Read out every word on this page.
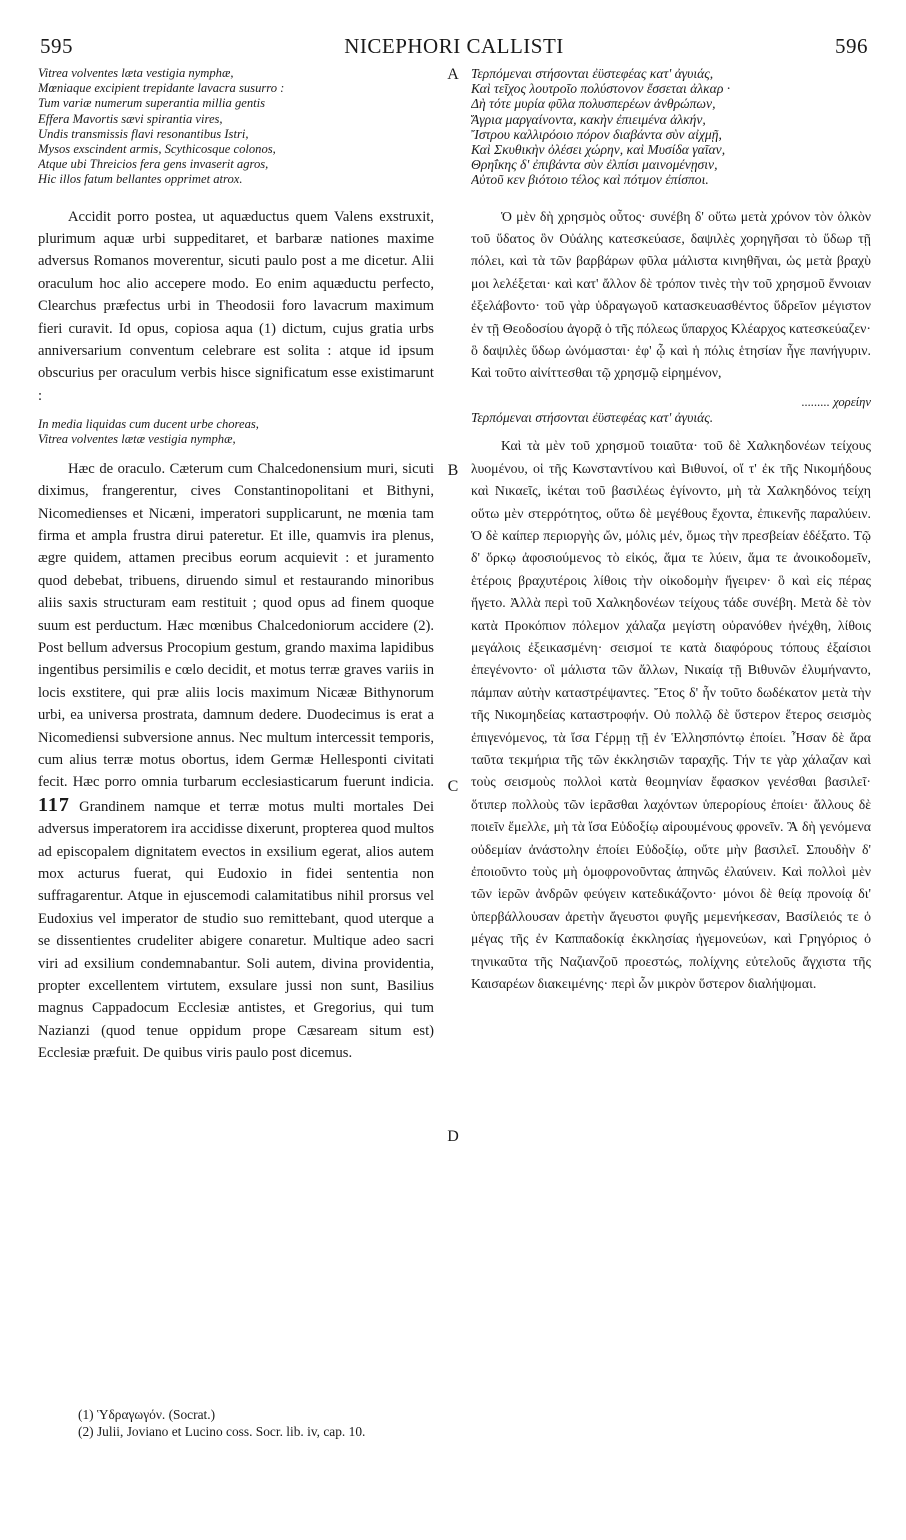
595	NICEPHORI CALLISTI	596
A
B
C
D
Vitrea volventes læta vestigia nymphæ,
Mœniaque excipient trepidante lavacra susurro :
Tum variæ numerum superantia millia gentis
Effera Mavortis sævi spirantia vires,
Undis transmissis flavi resonantibus Istri,
Mysos exscindent armis, Scythicosque colonos,
Atque ubi Threicios fera gens invaserit agros,
Hic illos fatum bellantes opprimet atrox.

Accidit porro postea, ut aquæductus quem Valens exstruxit, plurimum aquæ urbi suppeditaret, et barbaræ nationes maxime adversus Romanos moverentur, sicuti paulo post a me dicetur. Alii oraculum hoc alio accepere modo. Eo enim aquæductu perfecto, Clearchus præfectus urbi in Theodosii foro lavacrum maximum fieri curavit. Id opus, copiosa aqua (1) dictum, cujus gratia urbs anniversarium conventum celebrare est solita : atque id ipsum obscurius per oraculum verbis hisce significatum esse existimarunt :

In media liquidas cum ducent urbe choreas,
Vitrea volventes lætæ vestigia nymphæ,

Hæc de oraculo. Cæterum cum Chalcedonensium muri, sicuti diximus, frangerentur, cives Constantinopolitani et Bithyni, Nicomedienses et Nicæni, imperatori supplicarunt, ne mœnia tam firma et ampla frustra dirui pateretur. Et ille, quamvis ira plenus, ægre quidem, attamen precibus eorum acquievit : et juramento quod debebat, tribuens, diruendo simul et restaurando minoribus aliis saxis structuram eam restituit ; quod opus ad finem quoque suum est perductum. Hæc mœnibus Chalcedoniorum accidere (2). Post bellum adversus Procopium gestum, grando maxima lapidibus ingentibus persimilis e cœlo decidit, et motus terræ graves variis in locis exstitere, qui præ aliis locis maximum Nicææ Bithynorum urbi, ea universa prostrata, damnum dedere. Duodecimus is erat a Nicomediensi subversione annus. Nec multum intercessit temporis, cum alius terræ motus obortus, idem Germæ Hellesponti civitati fecit. Hæc porro omnia turbarum ecclesiasticarum fuerunt indicia. 117 Grandinem namque et terræ motus multi mortales Dei adversus imperatorem ira accidisse dixerunt, propterea quod multos ad episcopalem dignitatem evectos in exsilium egerat, alios autem mox acturus fuerat, qui Eudoxio in fidei sententia non suffragarentur. Atque in ejuscemodi calamitatibus nihil prorsus vel Eudoxius vel imperator de studio suo remittebant, quod uterque a se dissentientes crudeliter abigere conaretur. Multique adeo sacri viri ad exsilium condemnabantur. Soli autem, divina providentia, propter excellentem virtutem, exsulare jussi non sunt, Basilius magnus Cappadocum Ecclesiæ antistes, et Gregorius, qui tum Nazianzi (quod tenue oppidum prope Cæsaream situm est) Ecclesiæ præfuit. De quibus viris paulo post dicemus.

Τερπόμεναι στήσονται ἐϋστεφέας κατ' ἀγυιάς,
Καὶ τεῖχος λουτροῖο πολύστονον ἔσσεται ἀλκαρ ·
Δὴ τότε μυρία φῦλα πολυσπερέων ἀνθρώπων,
Ἄγρια μαργαίνοντα, κακὴν ἐπιειμένα ἀλκήν,
Ἴστρου καλλιρόοιο πόρον διαβάντα σὺν αἰχμῇ,
Καὶ Σκυθικὴν ὀλέσει χώρην, καὶ Μυσίδα γαῖαν,
Θρηΐκης δ' ἐπιβάντα σὺν ἐλπίσι μαινομένῃσιν,
Αὐτοῦ κεν βιότοιο τέλος καὶ πότμον ἐπίσποι.

Ὁ μὲν δὴ χρησμὸς οὗτος· συνέβη δ' οὕτω μετὰ χρόνον τὸν ὁλκὸν τοῦ ὕδατος ὃν Οὐάλης κατεσκεύασε, δαψιλὲς χορηγῆσαι τὸ ὕδωρ τῇ πόλει, καὶ τὰ τῶν βαρβάρων φῦλα μάλιστα κινηθῆναι, ὡς μετὰ βραχὺ μοι λελέξεται· καὶ κατ' ἄλλον δὲ τρόπον τινὲς τὴν τοῦ χρησμοῦ ἔννοιαν ἐξελάβοντο· τοῦ γὰρ ὑδραγωγοῦ κατασκευασθέντος ὕδρεῖον μέγιστον ἐν τῇ Θεοδοσίου ἀγορᾷ ὁ τῆς πόλεως ὕπαρχος Κλέαρχος κατεσκεύαζεν· ὃ δαψιλὲς ὕδωρ ὠνόμασται· ἐφ' ᾧ καὶ ἡ πόλις ἑτησίαν ἦγε πανήγυριν. Καὶ τοῦτο αἰνίττεσθαι τῷ χρησμῷ εἰρημένον,

......... χορείην
Τερπόμεναι στήσονται ἐϋστεφέας κατ' ἀγυιάς.

Καὶ τὰ μὲν τοῦ χρησμοῦ τοιαῦτα· τοῦ δὲ Χαλκηδονέων τείχους λυομένου, οἱ τῆς Κωνσταντίνου καὶ Βιθυνοί, οἵ τ' ἐκ τῆς Νικομήδους καὶ Νικαεῖς, ἱκέται τοῦ βασιλέως ἐγίνοντο, μὴ τὰ Χαλκηδόνος τείχη οὕτω μὲν στερρότητος, οὕτω δὲ μεγέθους ἔχοντα, ἐπικενῆς παραλύειν. Ὁ δὲ καίπερ περιοργὴς ὤν, μόλις μέν, ὅμως τὴν πρεσβείαν ἐδέξατο. Τῷ δ' ὅρκῳ ἀφοσιούμενος τὸ εἰκός, ἅμα τε λύειν, ἅμα τε ἀνοικοδομεῖν, ἑτέροις βραχυτέροις λίθοις τὴν οἰκοδομὴν ἤγειρεν· ὃ καὶ εἰς πέρας ἤγετο. Ἀλλὰ περὶ τοῦ Χαλκηδονέων τείχους τάδε συνέβη. Μετὰ δὲ τὸν κατὰ Προκόπιον πόλεμον χάλαζα μεγίστη οὐρανόθεν ἠνέχθη, λίθοις μεγάλοις ἐξεικασμένη· σεισμοί τε κατὰ διαφόρους τόπους ἐξαίσιοι ἐπεγένοντο· οἳ μάλιστα τῶν ἄλλων, Νικαίᾳ τῇ Βιθυνῶν ἐλυμήναντο, πάμπαν αὐτὴν καταστρέψαντες. Ἔτος δ' ἦν τοῦτο δωδέκατον μετὰ τὴν τῆς Νικομηδείας καταστροφήν. Οὐ πολλῷ δὲ ὕστερον ἕτερος σεισμὸς ἐπιγενόμενος, τὰ ἴσα Γέρμῃ τῇ ἐν Ἑλλησπόντῳ ἐποίει. Ἦσαν δὲ ἄρα ταῦτα τεκμήρια τῆς τῶν ἐκκλησιῶν ταραχῆς. Τήν τε γὰρ χάλαζαν καὶ τοὺς σεισμοὺς πολλοὶ κατὰ θεομηνίαν ἔφασκον γενέσθαι βασιλεῖ· ὅτιπερ πολλοὺς τῶν ἱερᾶσθαι λαχόντων ὑπερορίους ἐποίει· ἄλλους δὲ ποιεῖν ἔμελλε, μὴ τὰ ἴσα Εὐδοξίῳ αἱρουμένους φρονεῖν. Ἃ δὴ γενόμενα οὐδεμίαν ἀνάστολην ἐποίει Εὐδοξίῳ, οὔτε μὴν βασιλεῖ. Σπουδὴν δ' ἐποιοῦντο τοὺς μὴ ὁμοφρονοῦντας ἀπηνῶς ἐλαύνειν. Καὶ πολλοὶ μὲν τῶν ἱερῶν ἀνδρῶν φεύγειν κατεδικάζοντο· μόνοι δὲ θείᾳ προνοίᾳ δι' ὑπερβάλλουσαν ἀρετὴν ἄγευστοι φυγῆς μεμενήκεσαν, Βασίλειός τε ὁ μέγας τῆς ἐν Καππαδοκίᾳ ἐκκλησίας ἡγεμονεύων, καὶ Γρηγόριος ὁ τηνικαῦτα τῆς Ναζιανζοῦ προεστώς, πολίχνης εὐτελοῦς ἄγχιστα τῆς Καισαρέων διακειμένης· περὶ ὧν μικρὸν ὕστερον διαλήψομαι.

(1) Ὑδραγωγόν. (Socrat.)
(2) Julii, Joviano et Lucino coss. Socr. lib. iv, cap. 10.
